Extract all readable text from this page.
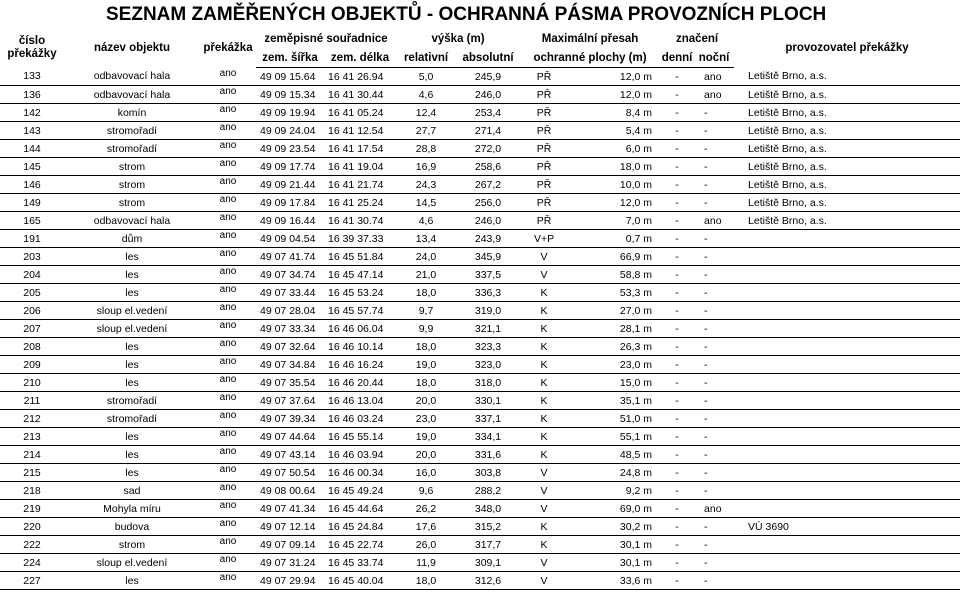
SEZNAM ZAMĚŘENÝCH OBJEKTŮ - OCHRANNÁ PÁSMA PROVOZNÍCH PLOCH
číslo překážky	název objektu	překážka	zeměpisné souřadnice		výška (m)		Maximální přesah		značení		provozovatel překážky
			zem. šířka	zem. délka	relativní	absolutní	ochranné plochy (m)		denní	noční	
133	odbavovací hala	ano	49 09 15.64	16 41 26.94	5,0	245,9	PŘ	12,0 m	-	ano	Letiště Brno, a.s.
136	odbavovací hala	ano	49 09 15.34	16 41 30.44	4,6	246,0	PŘ	12,0 m	-	ano	Letiště Brno, a.s.
142	komín	ano	49 09 19.94	16 41 05.24	12,4	253,4	PŘ	8,4 m	-	-	Letiště Brno, a.s.
143	stromořadí	ano	49 09 24.04	16 41 12.54	27,7	271,4	PŘ	5,4 m	-	-	Letiště Brno, a.s.
144	stromořadí	ano	49 09 23.54	16 41 17.54	28,8	272,0	PŘ	6,0 m	-	-	Letiště Brno, a.s.
145	strom	ano	49 09 17.74	16 41 19.04	16,9	258,6	PŘ	18,0 m	-	-	Letiště Brno, a.s.
146	strom	ano	49 09 21.44	16 41 21.74	24,3	267,2	PŘ	10,0 m	-	-	Letiště Brno, a.s.
149	strom	ano	49 09 17.84	16 41 25.24	14,5	256,0	PŘ	12,0 m	-	-	Letiště Brno, a.s.
165	odbavovací hala	ano	49 09 16.44	16 41 30.74	4,6	246,0	PŘ	7,0 m	-	ano	Letiště Brno, a.s.
191	dům	ano	49 09 04.54	16 39 37.33	13,4	243,9	V+P	0,7 m	-	-	
203	les	ano	49 07 41.74	16 45 51.84	24,0	345,9	V	66,9 m	-	-	
204	les	ano	49 07 34.74	16 45 47.14	21,0	337,5	V	58,8 m	-	-	
205	les	ano	49 07 33.44	16 45 53.24	18,0	336,3	K	53,3 m	-	-	
206	sloup el.vedení	ano	49 07 28.04	16 45 57.74	9,7	319,0	K	27,0 m	-	-	
207	sloup el.vedení	ano	49 07 33.34	16 46 06.04	9,9	321,1	K	28,1 m	-	-	
208	les	ano	49 07 32.64	16 46 10.14	18,0	323,3	K	26,3 m	-	-	
209	les	ano	49 07 34.84	16 46 16.24	19,0	323,0	K	23,0 m	-	-	
210	les	ano	49 07 35.54	16 46 20.44	18,0	318,0	K	15,0 m	-	-	
211	stromořadí	ano	49 07 37.64	16 46 13.04	20,0	330,1	K	35,1 m	-	-	
212	stromořadí	ano	49 07 39.34	16 46 03.24	23,0	337,1	K	51,0 m	-	-	
213	les	ano	49 07 44.64	16 45 55.14	19,0	334,1	K	55,1 m	-	-	
214	les	ano	49 07 43.14	16 46 03.94	20,0	331,6	K	48,5 m	-	-	
215	les	ano	49 07 50.54	16 46 00.34	16,0	303,8	V	24,8 m	-	-	
218	sad	ano	49 08 00.64	16 45 49.24	9,6	288,2	V	9,2 m	-	-	
219	Mohyla míru	ano	49 07 41.34	16 45 44.64	26,2	348,0	V	69,0 m	-	ano	
220	budova	ano	49 07 12.14	16 45 24.84	17,6	315,2	K	30,2 m	-	-	VÚ 3690
222	strom	ano	49 07 09.14	16 45 22.74	26,0	317,7	K	30,1 m	-	-	
224	sloup el.vedení	ano	49 07 31.24	16 45 33.74	11,9	309,1	V	30,1 m	-	-	
227	les	ano	49 07 29.94	16 45 40.04	18,0	312,6	V	33,6 m	-	-	
